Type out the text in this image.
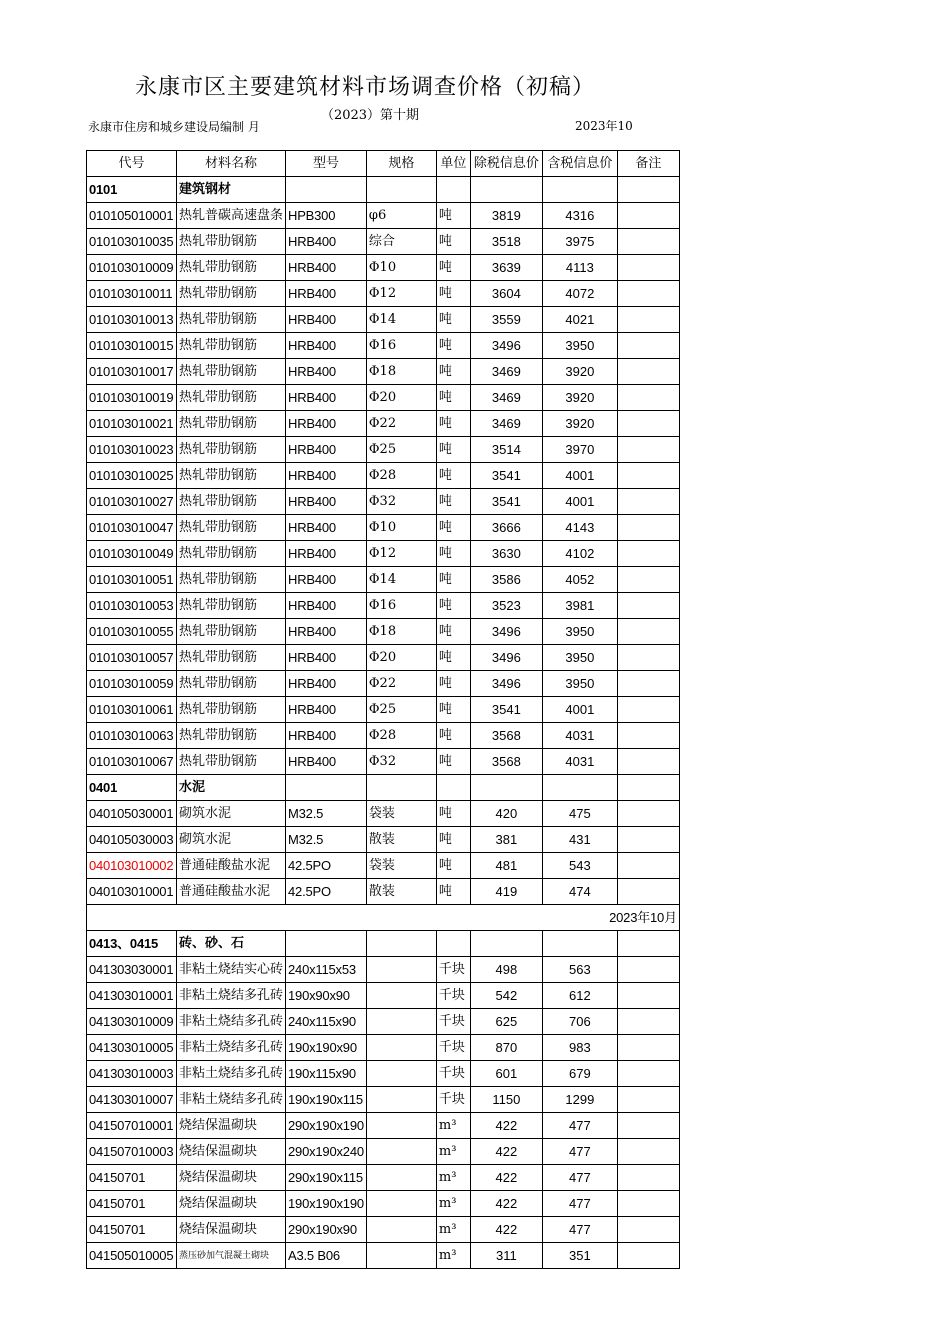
永康市区主要建筑材料市场调查价格（初稿）
（2023）第十期
永康市住房和城乡建设局编制 月	2023年10
代号	材料名称	型号	规格	单位	除税信息价	含税信息价	备注
0101	建筑钢材						
010105010001	热轧普碳高速盘条	HPB300	φ6	吨	3819	4316	
010103010035	热轧带肋钢筋	HRB400	综合	吨	3518	3975	
010103010009	热轧带肋钢筋	HRB400	Φ10	吨	3639	4113	
010103010011	热轧带肋钢筋	HRB400	Φ12	吨	3604	4072	
010103010013	热轧带肋钢筋	HRB400	Φ14	吨	3559	4021	
010103010015	热轧带肋钢筋	HRB400	Φ16	吨	3496	3950	
010103010017	热轧带肋钢筋	HRB400	Φ18	吨	3469	3920	
010103010019	热轧带肋钢筋	HRB400	Φ20	吨	3469	3920	
010103010021	热轧带肋钢筋	HRB400	Φ22	吨	3469	3920	
010103010023	热轧带肋钢筋	HRB400	Φ25	吨	3514	3970	
010103010025	热轧带肋钢筋	HRB400	Φ28	吨	3541	4001	
010103010027	热轧带肋钢筋	HRB400	Φ32	吨	3541	4001	
010103010047	热轧带肋钢筋	HRB400	Φ10	吨	3666	4143	
010103010049	热轧带肋钢筋	HRB400	Φ12	吨	3630	4102	
010103010051	热轧带肋钢筋	HRB400	Φ14	吨	3586	4052	
010103010053	热轧带肋钢筋	HRB400	Φ16	吨	3523	3981	
010103010055	热轧带肋钢筋	HRB400	Φ18	吨	3496	3950	
010103010057	热轧带肋钢筋	HRB400	Φ20	吨	3496	3950	
010103010059	热轧带肋钢筋	HRB400	Φ22	吨	3496	3950	
010103010061	热轧带肋钢筋	HRB400	Φ25	吨	3541	4001	
010103010063	热轧带肋钢筋	HRB400	Φ28	吨	3568	4031	
010103010067	热轧带肋钢筋	HRB400	Φ32	吨	3568	4031	
0401	水泥						
040105030001	砌筑水泥	M32.5	袋装	吨	420	475	
040105030003	砌筑水泥	M32.5	散装	吨	381	431	
040103010002	普通硅酸盐水泥	42.5PO	袋装	吨	481	543	
040103010001	普通硅酸盐水泥	42.5PO	散装	吨	419	474	
2023年10月							
0413、0415	砖、砂、石						
041303030001	非粘土烧结实心砖	240x115x53		千块	498	563	
041303010001	非粘土烧结多孔砖	190x90x90		千块	542	612	
041303010009	非粘土烧结多孔砖	240x115x90		千块	625	706	
041303010005	非粘土烧结多孔砖	190x190x90		千块	870	983	
041303010003	非粘土烧结多孔砖	190x115x90		千块	601	679	
041303010007	非粘土烧结多孔砖	190x190x115		千块	1150	1299	
041507010001	烧结保温砌块	290x190x190		m³	422	477	
041507010003	烧结保温砌块	290x190x240		m³	422	477	
04150701	烧结保温砌块	290x190x115		m³	422	477	
04150701	烧结保温砌块	190x190x190		m³	422	477	
04150701	烧结保温砌块	290x190x90		m³	422	477	
041505010005	蒸压砂加气混凝土砌块	A3.5 B06		m³	311	351	
